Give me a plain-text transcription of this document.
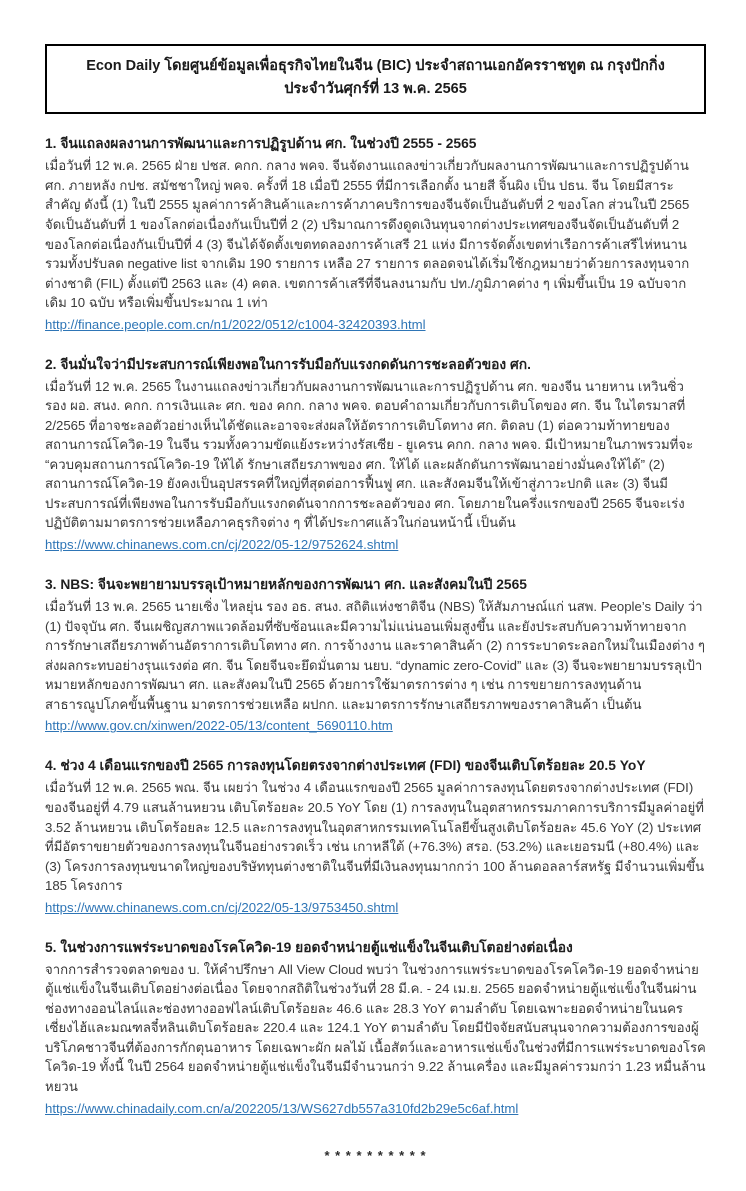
Econ Daily โดยศูนย์ข้อมูลเพื่อธุรกิจไทยในจีน (BIC) ประจำสถานเอกอัครราชทูต ณ กรุงปักกิ่ง
ประจำวันศุกร์ที่ 13 พ.ค. 2565
1. จีนแถลงผลงานการพัฒนาและการปฏิรูปด้าน ศก. ในช่วงปี 2555 - 2565
เมื่อวันที่ 12 พ.ค. 2565 ฝ่าย ปชส. คกก. กลาง พคจ. จีนจัดงานแถลงข่าวเกี่ยวกับผลงานการพัฒนาและการปฏิรูปด้าน ศก. ภายหลัง กปช. สมัชชาใหญ่ พคจ. ครั้งที่ 18 เมื่อปี 2555 ที่มีการเลือกตั้ง นายสี จิ้นผิง เป็น ปธน. จีน โดยมีสาระสำคัญ ดังนี้ (1) ในปี 2555 มูลค่าการค้าสินค้าและการค้าภาคบริการของจีนจัดเป็นอันดับที่ 2 ของโลก ส่วนในปี 2565 จัดเป็นอันดับที่ 1 ของโลกต่อเนื่องกันเป็นปีที่ 2 (2) ปริมาณการดึงดูดเงินทุนจากต่างประเทศของจีนจัดเป็นอันดับที่ 2 ของโลกต่อเนื่องกันเป็นปีที่ 4 (3) จีนได้จัดตั้งเขตทดลองการค้าเสรี 21 แห่ง มีการจัดตั้งเขตท่าเรือการค้าเสรีไห่หนาน รวมทั้งปรับลด negative list จากเดิม 190 รายการ เหลือ 27 รายการ ตลอดจนได้เริ่มใช้กฎหมายว่าด้วยการลงทุนจากต่างชาติ (FIL) ตั้งแต่ปี 2563 และ (4) คตล. เขตการค้าเสรีที่จีนลงนามกับ ปท./ภูมิภาคต่าง ๆ เพิ่มขึ้นเป็น 19 ฉบับจากเดิม 10 ฉบับ หรือเพิ่มขึ้นประมาณ 1 เท่า
http://finance.people.com.cn/n1/2022/0512/c1004-32420393.html
2. จีนมั่นใจว่ามีประสบการณ์เพียงพอในการรับมือกับแรงกดดันการชะลอตัวของ ศก.
เมื่อวันที่ 12 พ.ค. 2565 ในงานแถลงข่าวเกี่ยวกับผลงานการพัฒนาและการปฏิรูปด้าน ศก. ของจีน นายหาน เหวินซิ่ว รอง ผอ. สนง. คกก. การเงินและ ศก. ของ คกก. กลาง พคจ. ตอบคำถามเกี่ยวกับการเติบโตของ ศก. จีน ในไตรมาสที่ 2/2565 ที่อาจชะลอตัวอย่างเห็นได้ชัดและอาจจะส่งผลให้อัตราการเติบโตทาง ศก. ติดลบ (1) ต่อความท้าทายของสถานการณ์โควิด-19 ในจีน รวมทั้งความขัดแย้งระหว่างรัสเซีย - ยูเครน คกก. กลาง พคจ. มีเป้าหมายในภาพรวมที่จะ “ควบคุมสถานการณ์โควิด-19 ให้ได้ รักษาเสถียรภาพของ ศก. ให้ได้ และผลักดันการพัฒนาอย่างมั่นคงให้ได้” (2) สถานการณ์โควิด-19 ยังคงเป็นอุปสรรคที่ใหญ่ที่สุดต่อการฟื้นฟู ศก. และสังคมจีนให้เข้าสู่ภาวะปกติ และ (3) จีนมีประสบการณ์ที่เพียงพอในการรับมือกับแรงกดดันจากการชะลอตัวของ ศก. โดยภายในครึ่งแรกของปี 2565 จีนจะเร่งปฏิบัติตามมาตรการช่วยเหลือภาคธุรกิจต่าง ๆ ที่ได้ประกาศแล้วในก่อนหน้านี้ เป็นต้น
https://www.chinanews.com.cn/cj/2022/05-12/9752624.shtml
3. NBS: จีนจะพยายามบรรลุเป้าหมายหลักของการพัฒนา ศก. และสังคมในปี 2565
เมื่อวันที่ 13 พ.ค. 2565 นายเซิ่ง ไหลยุ่น รอง อธ. สนง. สถิติแห่งชาติจีน (NBS) ให้สัมภาษณ์แก่ นสพ. People’s Daily ว่า (1) ปัจจุบัน ศก. จีนเผชิญสภาพแวดล้อมที่ซับซ้อนและมีความไม่แน่นอนเพิ่มสูงขึ้น และยังประสบกับความท้าทายจากการรักษาเสถียรภาพด้านอัตราการเติบโตทาง ศก. การจ้างงาน และราคาสินค้า (2) การระบาดระลอกใหม่ในเมืองต่าง ๆ ส่งผลกระทบอย่างรุนแรงต่อ ศก. จีน โดยจีนจะยึดมั่นตาม นยบ. “dynamic zero-Covid” และ (3) จีนจะพยายามบรรลุเป้าหมายหลักของการพัฒนา ศก. และสังคมในปี 2565 ด้วยการใช้มาตรการต่าง ๆ เช่น การขยายการลงทุนด้านสาธารณูปโภคขั้นพื้นฐาน มาตรการช่วยเหลือ ผปกก. และมาตรการรักษาเสถียรภาพของราคาสินค้า เป็นต้น
http://www.gov.cn/xinwen/2022-05/13/content_5690110.htm
4. ช่วง 4 เดือนแรกของปี 2565 การลงทุนโดยตรงจากต่างประเทศ (FDI) ของจีนเติบโตร้อยละ 20.5 YoY
เมื่อวันที่ 12 พ.ค. 2565 พณ. จีน เผยว่า ในช่วง 4 เดือนแรกของปี 2565 มูลค่าการลงทุนโดยตรงจากต่างประเทศ (FDI) ของจีนอยู่ที่ 4.79 แสนล้านหยวน เติบโตร้อยละ 20.5 YoY โดย (1) การลงทุนในอุตสาหกรรมภาคการบริการมีมูลค่าอยู่ที่ 3.52 ล้านหยวน เติบโตร้อยละ 12.5 และการลงทุนในอุตสาหกรรมเทคโนโลยีขั้นสูงเติบโตร้อยละ 45.6 YoY (2) ประเทศที่มีอัตราขยายตัวของการลงทุนในจีนอย่างรวดเร็ว เช่น เกาหลีใต้ (+76.3%) สรอ. (53.2%) และเยอรมนี (+80.4%) และ (3) โครงการลงทุนขนาดใหญ่ของบริษัททุนต่างชาติในจีนที่มีเงินลงทุนมากกว่า 100 ล้านดอลลาร์สหรัฐ มีจำนวนเพิ่มขึ้น 185 โครงการ
https://www.chinanews.com.cn/cj/2022/05-13/9753450.shtml
5. ในช่วงการแพร่ระบาดของโรคโควิด-19 ยอดจำหน่ายตู้แช่แข็งในจีนเติบโตอย่างต่อเนื่อง
จากการสำรวจตลาดของ บ. ให้คำปรึกษา All View Cloud พบว่า ในช่วงการแพร่ระบาดของโรคโควิด-19 ยอดจำหน่ายตู้แช่แข็งในจีนเติบโตอย่างต่อเนื่อง โดยจากสถิติในช่วงวันที่ 28 มี.ค. - 24 เม.ย. 2565 ยอดจำหน่ายตู้แช่แข็งในจีนผ่านช่องทางออนไลน์และช่องทางออฟไลน์เติบโตร้อยละ 46.6 และ 28.3 YoY ตามลำดับ โดยเฉพาะยอดจำหน่ายในนครเซี่ยงไฮ้และมณฑลจี๋หลินเติบโตร้อยละ 220.4 และ 124.1 YoY ตามลำดับ โดยมีปัจจัยสนับสนุนจากความต้องการของผู้บริโภคชาวจีนที่ต้องการกักตุนอาหาร โดยเฉพาะผัก ผลไม้ เนื้อสัตว์และอาหารแช่แข็งในช่วงที่มีการแพร่ระบาดของโรคโควิด-19 ทั้งนี้ ในปี 2564 ยอดจำหน่ายตู้แช่แข็งในจีนมีจำนวนกว่า 9.22 ล้านเครื่อง และมีมูลค่ารวมกว่า 1.23 หมื่นล้านหยวน
https://www.chinadaily.com.cn/a/202205/13/WS627db557a310fd2b29e5c6af.html
* * * * * * * * * *
